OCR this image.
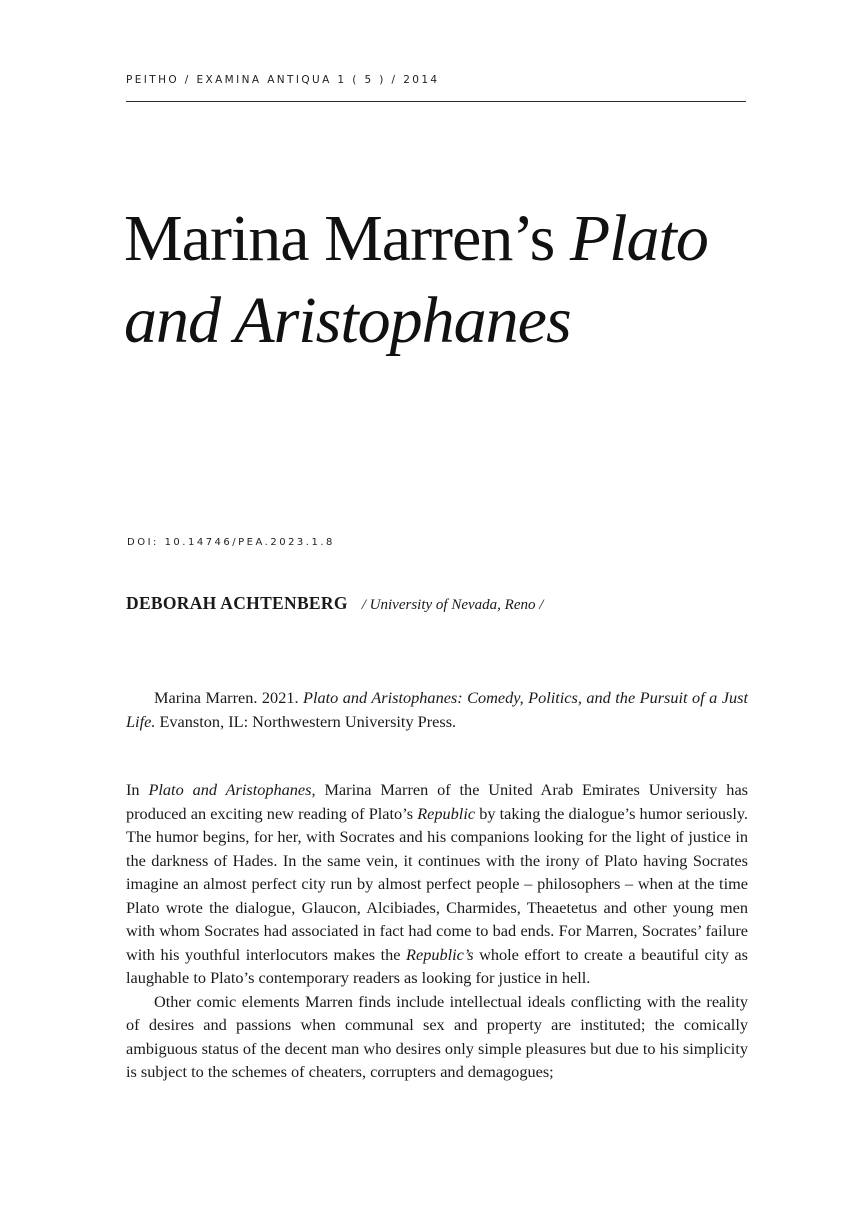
PEITHO / EXAMINA ANTIQUA 1 ( 5 ) / 2014
Marina Marren’s Plato
and Aristophanes
DOI: 10.14746/PEA.2023.1.8
DEBORAH ACHTENBERG / University of Nevada, Reno /

Marina Marren. 2021. Plato and Aristophanes: Comedy, Politics, and the Pursuit of a Just Life. Evanston, IL: Northwestern University Press.

In Plato and Aristophanes, Marina Marren of the United Arab Emirates University has produced an exciting new reading of Plato’s Republic by taking the dialogue’s humor seriously. The humor begins, for her, with Socrates and his companions looking for the light of justice in the darkness of Hades. In the same vein, it continues with the irony of Plato having Socrates imagine an almost perfect city run by almost perfect people – philosophers – when at the time Plato wrote the dialogue, Glaucon, Alcibiades, Charmides, Theaetetus and other young men with whom Socrates had associated in fact had come to bad ends. For Marren, Socrates’ failure with his youthful interlocutors makes the Republic’s whole effort to create a beautiful city as laughable to Plato’s contemporary readers as looking for justice in hell.

Other comic elements Marren finds include intellectual ideals conflicting with the reality of desires and passions when communal sex and property are instituted; the comically ambiguous status of the decent man who desires only simple pleasures but due to his simplicity is subject to the schemes of cheaters, corrupters and demagogues;
